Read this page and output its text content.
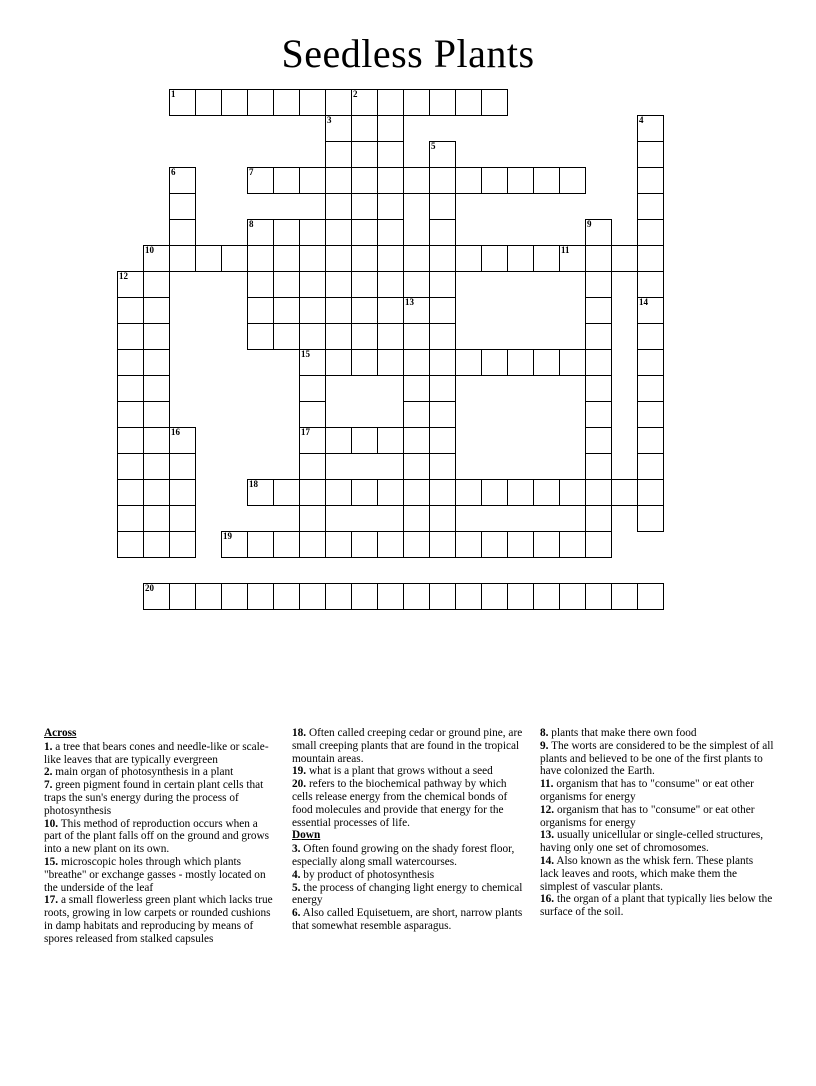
Seedless Plants
1	2
3	4
5
6	7
8	9
10	11
12
13	14
15
16	17
18
19
20
Across

1. a tree that bears cones and needle-like or scale-like leaves that are typically evergreen

2. main organ of photosynthesis in a plant

7. green pigment found in certain plant cells that traps the sun's energy during the process of photosynthesis

10. This method of reproduction occurs when a part of the plant falls off on the ground and grows into a new plant on its own.

15. microscopic holes through which plants "breathe" or exchange gasses - mostly located on the underside of the leaf

17. a small flowerless green plant which lacks true roots, growing in low carpets or rounded cushions in damp habitats and reproducing by means of spores released from stalked capsules

18. Often called creeping cedar or ground pine, are small creeping plants that are found in the tropical mountain areas.

19. what is a plant that grows without a seed

20. refers to the biochemical pathway by which cells release energy from the chemical bonds of food molecules and provide that energy for the essential processes of life.

Down

3. Often found growing on the shady forest floor, especially along small watercourses.

4. by product of photosynthesis

5. the process of changing light energy to chemical energy

6. Also called Equisetuem, are short, narrow plants that somewhat resemble asparagus.

8. plants that make there own food

9. The worts are considered to be the simplest of all plants and believed to be one of the first plants to have colonized the Earth.

11. organism that has to "consume" or eat other organisms for energy

12. organism that has to "consume" or eat other organisms for energy

13. usually unicellular or single-celled structures, having only one set of chromosomes.

14. Also known as the whisk fern. These plants lack leaves and roots, which make them the simplest of vascular plants.

16. the organ of a plant that typically lies below the surface of the soil.
